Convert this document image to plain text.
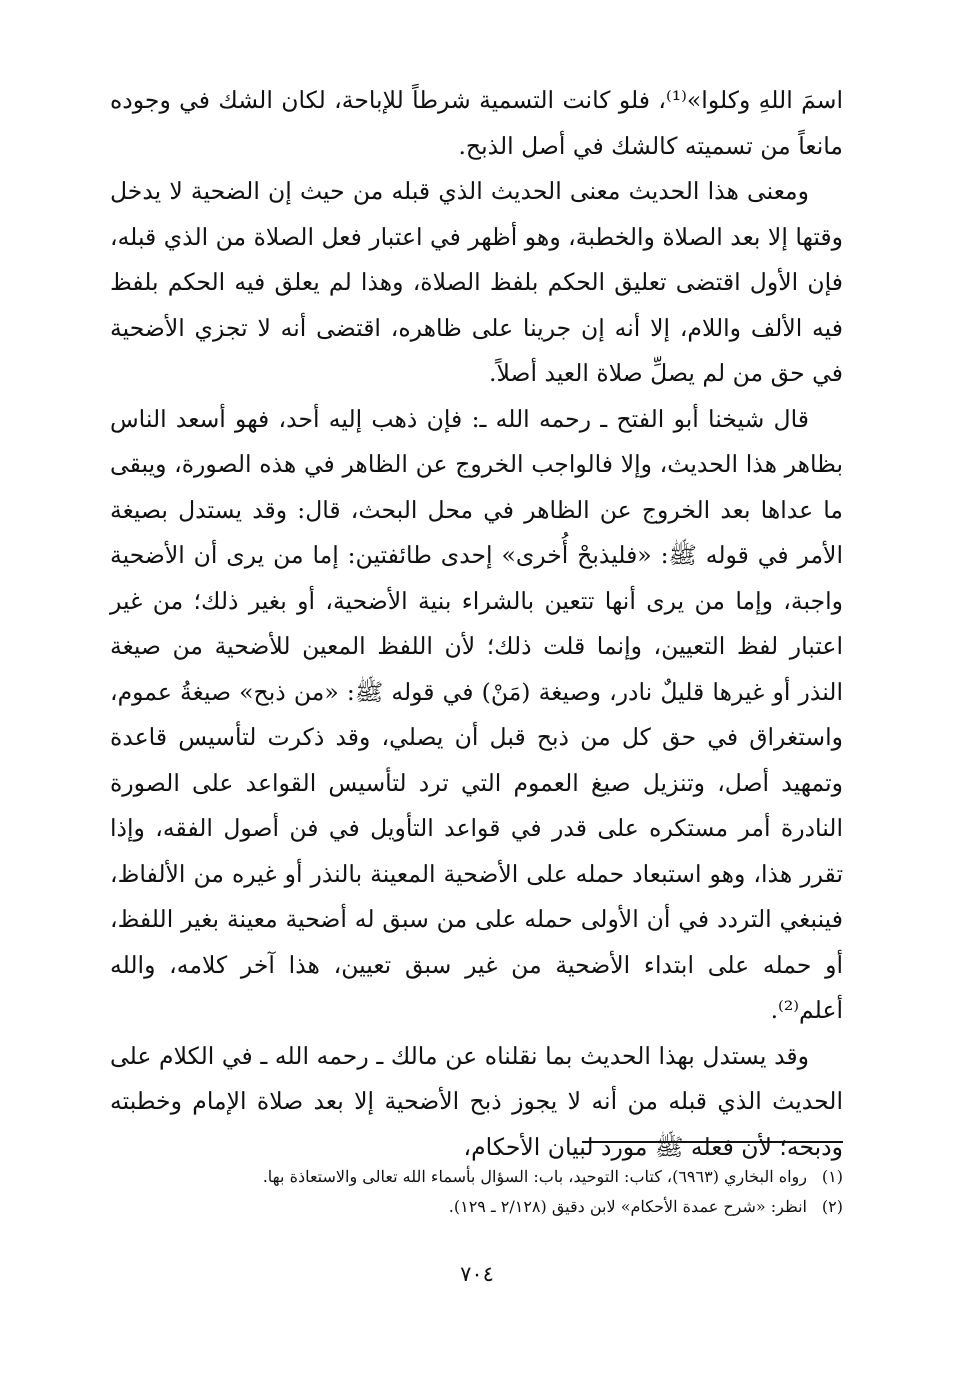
اسمَ اللهِ وكلوا»⁽¹⁾، فلو كانت التسمية شرطاً للإباحة، لكان الشك في وجوده مانعاً من تسميته كالشك في أصل الذبح.

ومعنى هذا الحديث معنى الحديث الذي قبله من حيث إن الضحية لا يدخل وقتها إلا بعد الصلاة والخطبة، وهو أظهر في اعتبار فعل الصلاة من الذي قبله، فإن الأول اقتضى تعليق الحكم بلفظ الصلاة، وهذا لم يعلق فيه الحكم بلفظ فيه الألف واللام، إلا أنه إن جرينا على ظاهره، اقتضى أنه لا تجزي الأضحية في حق من لم يصلِّ صلاة العيد أصلاً.

قال شيخنا أبو الفتح ـ رحمه الله ـ: فإن ذهب إليه أحد، فهو أسعد الناس بظاهر هذا الحديث، وإلا فالواجب الخروج عن الظاهر في هذه الصورة، ويبقى ما عداها بعد الخروج عن الظاهر في محل البحث، قال: وقد يستدل بصيغة الأمر في قوله ﷺ: «فليذبحْ أُخرى» إحدى طائفتين: إما من يرى أن الأضحية واجبة، وإما من يرى أنها تتعين بالشراء بنية الأضحية، أو بغير ذلك؛ من غير اعتبار لفظ التعيين، وإنما قلت ذلك؛ لأن اللفظ المعين للأضحية من صيغة النذر أو غيرها قليلٌ نادر، وصيغة (مَنْ) في قوله ﷺ: «من ذبح» صيغةُ عموم، واستغراق في حق كل من ذبح قبل أن يصلي، وقد ذكرت لتأسيس قاعدة وتمهيد أصل، وتنزيل صيغ العموم التي ترد لتأسيس القواعد على الصورة النادرة أمر مستكره على قدر في قواعد التأويل في فن أصول الفقه، وإذا تقرر هذا، وهو استبعاد حمله على الأضحية المعينة بالنذر أو غيره من الألفاظ، فينبغي التردد في أن الأولى حمله على من سبق له أضحية معينة بغير اللفظ، أو حمله على ابتداء الأضحية من غير سبق تعيين، هذا آخر كلامه، والله أعلم⁽²⁾.

وقد يستدل بهذا الحديث بما نقلناه عن مالك ـ رحمه الله ـ في الكلام على الحديث الذي قبله من أنه لا يجوز ذبح الأضحية إلا بعد صلاة الإمام وخطبته وذبحه؛ لأن فعله ﷺ مورد لبيان الأحكام،

(١)
رواه البخاري (٦٩٦٣)، كتاب: التوحيد، باب: السؤال بأسماء الله تعالى والاستعاذة بها.
(٢)
انظر: «شرح عمدة الأحكام» لابن دقيق (٢/١٢٨ ـ ١٢٩).
٧٠٤
